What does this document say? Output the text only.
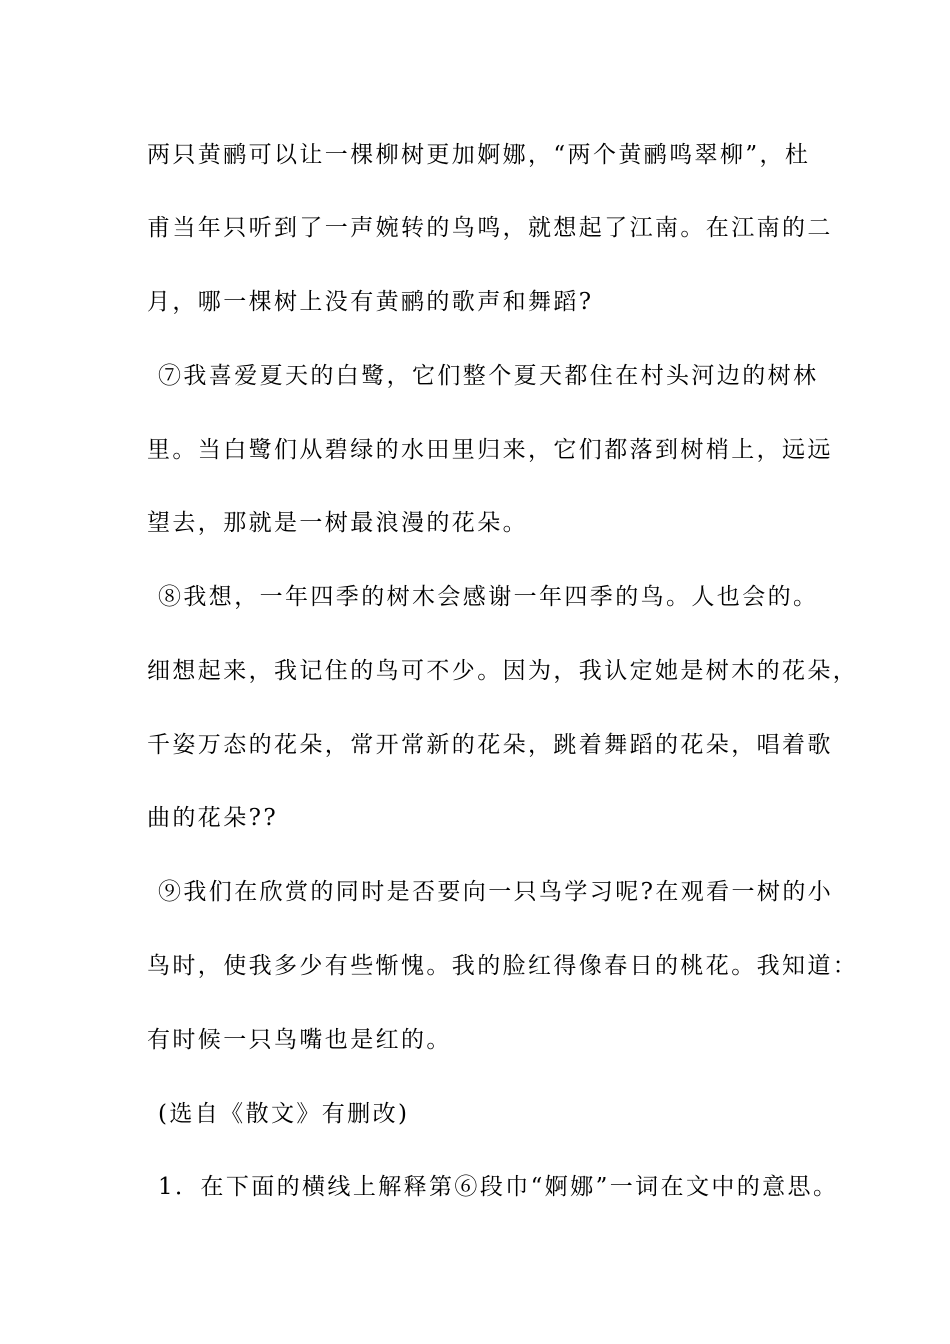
两只黄鹂可以让一棵柳树更加婀娜，“两个黄鹂鸣翠柳”，杜
甫当年只听到了一声婉转的鸟鸣，就想起了江南。在江南的二
月，哪一棵树上没有黄鹂的歌声和舞蹈?
⑦我喜爱夏天的白鹭，它们整个夏天都住在村头河边的树林
里。当白鹭们从碧绿的水田里归来，它们都落到树梢上，远远
望去，那就是一树最浪漫的花朵。
⑧我想，一年四季的树木会感谢一年四季的鸟。人也会的。
细想起来，我记住的鸟可不少。因为，我认定她是树木的花朵，
千姿万态的花朵，常开常新的花朵，跳着舞蹈的花朵，唱着歌
曲的花朵??
⑨我们在欣赏的同时是否要向一只鸟学习呢?在观看一树的小
鸟时，使我多少有些惭愧。我的脸红得像春日的桃花。我知道：
有时候一只鸟嘴也是红的。
(选自《散文》有删改)
1．在下面的横线上解释第⑥段巾“婀娜”一词在文中的意思。
